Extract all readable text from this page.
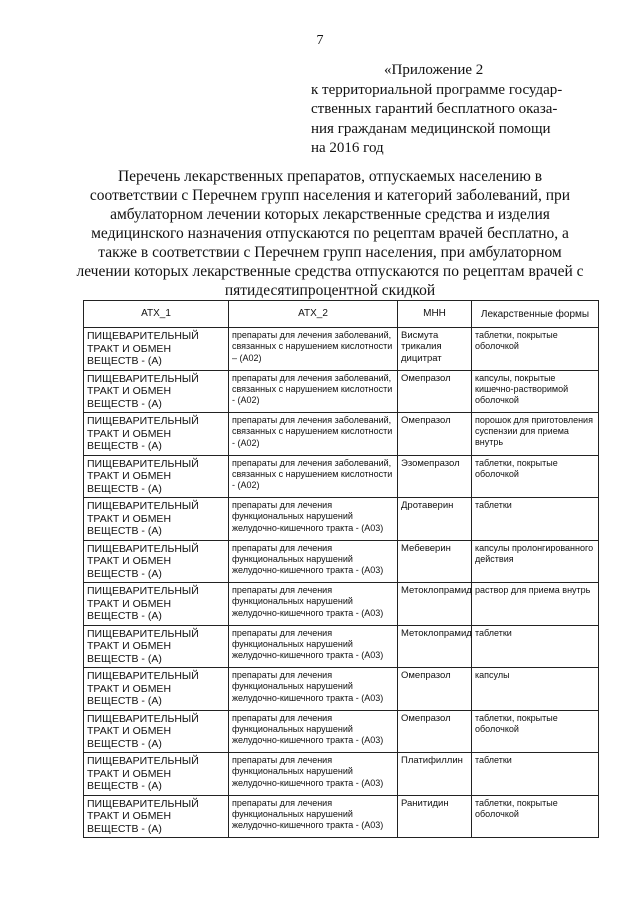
7
«Приложение 2
к территориальной программе государ-
ственных гарантий бесплатного оказа-
ния гражданам медицинской помощи
на 2016 год
Перечень лекарственных препаратов, отпускаемых населению в
соответствии с Перечнем групп населения и категорий заболеваний, при
амбулаторном лечении которых лекарственные средства и изделия
медицинского назначения отпускаются по рецептам врачей бесплатно, а
также в соответствии с Перечнем групп населения, при амбулаторном
лечении которых лекарственные средства отпускаются по рецептам врачей с
пятидесятипроцентной скидкой
ATX_1	ATX_2	МНН	Лекарственные формы
ПИЩЕВАРИТЕЛЬНЫЙ ТРАКТ И ОБМЕН ВЕЩЕСТВ - (A)	препараты для лечения заболеваний, связанных с нарушением кислотности – (A02)	Висмута трикалия дицитрат	таблетки, покрытые оболочкой
ПИЩЕВАРИТЕЛЬНЫЙ ТРАКТ И ОБМЕН ВЕЩЕСТВ - (A)	препараты для лечения заболеваний, связанных с нарушением кислотности - (A02)	Омепразол	капсулы, покрытые кишечно-растворимой оболочкой
ПИЩЕВАРИТЕЛЬНЫЙ ТРАКТ И ОБМЕН ВЕЩЕСТВ - (A)	препараты для лечения заболеваний, связанных с нарушением кислотности - (A02)	Омепразол	порошок для приготовления суспензии для приема внутрь
ПИЩЕВАРИТЕЛЬНЫЙ ТРАКТ И ОБМЕН ВЕЩЕСТВ - (A)	препараты для лечения заболеваний, связанных с нарушением кислотности - (A02)	Эзомепразол	таблетки, покрытые оболочкой
ПИЩЕВАРИТЕЛЬНЫЙ ТРАКТ И ОБМЕН ВЕЩЕСТВ - (A)	препараты для лечения функциональных нарушений желудочно-кишечного тракта - (A03)	Дротаверин	таблетки
ПИЩЕВАРИТЕЛЬНЫЙ ТРАКТ И ОБМЕН ВЕЩЕСТВ - (A)	препараты для лечения функциональных нарушений желудочно-кишечного тракта - (A03)	Мебеверин	капсулы пролонгированного действия
ПИЩЕВАРИТЕЛЬНЫЙ ТРАКТ И ОБМЕН ВЕЩЕСТВ - (A)	препараты для лечения функциональных нарушений желудочно-кишечного тракта - (A03)	Метоклопрамид	раствор для приема внутрь
ПИЩЕВАРИТЕЛЬНЫЙ ТРАКТ И ОБМЕН ВЕЩЕСТВ - (A)	препараты для лечения функциональных нарушений желудочно-кишечного тракта - (A03)	Метоклопрамид	таблетки
ПИЩЕВАРИТЕЛЬНЫЙ ТРАКТ И ОБМЕН ВЕЩЕСТВ - (A)	препараты для лечения функциональных нарушений желудочно-кишечного тракта - (A03)	Омепразол	капсулы
ПИЩЕВАРИТЕЛЬНЫЙ ТРАКТ И ОБМЕН ВЕЩЕСТВ - (A)	препараты для лечения функциональных нарушений желудочно-кишечного тракта - (A03)	Омепразол	таблетки, покрытые оболочкой
ПИЩЕВАРИТЕЛЬНЫЙ ТРАКТ И ОБМЕН ВЕЩЕСТВ - (A)	препараты для лечения функциональных нарушений желудочно-кишечного тракта - (A03)	Платифиллин	таблетки
ПИЩЕВАРИТЕЛЬНЫЙ ТРАКТ И ОБМЕН ВЕЩЕСТВ - (A)	препараты для лечения функциональных нарушений желудочно-кишечного тракта - (A03)	Ранитидин	таблетки, покрытые оболочкой
